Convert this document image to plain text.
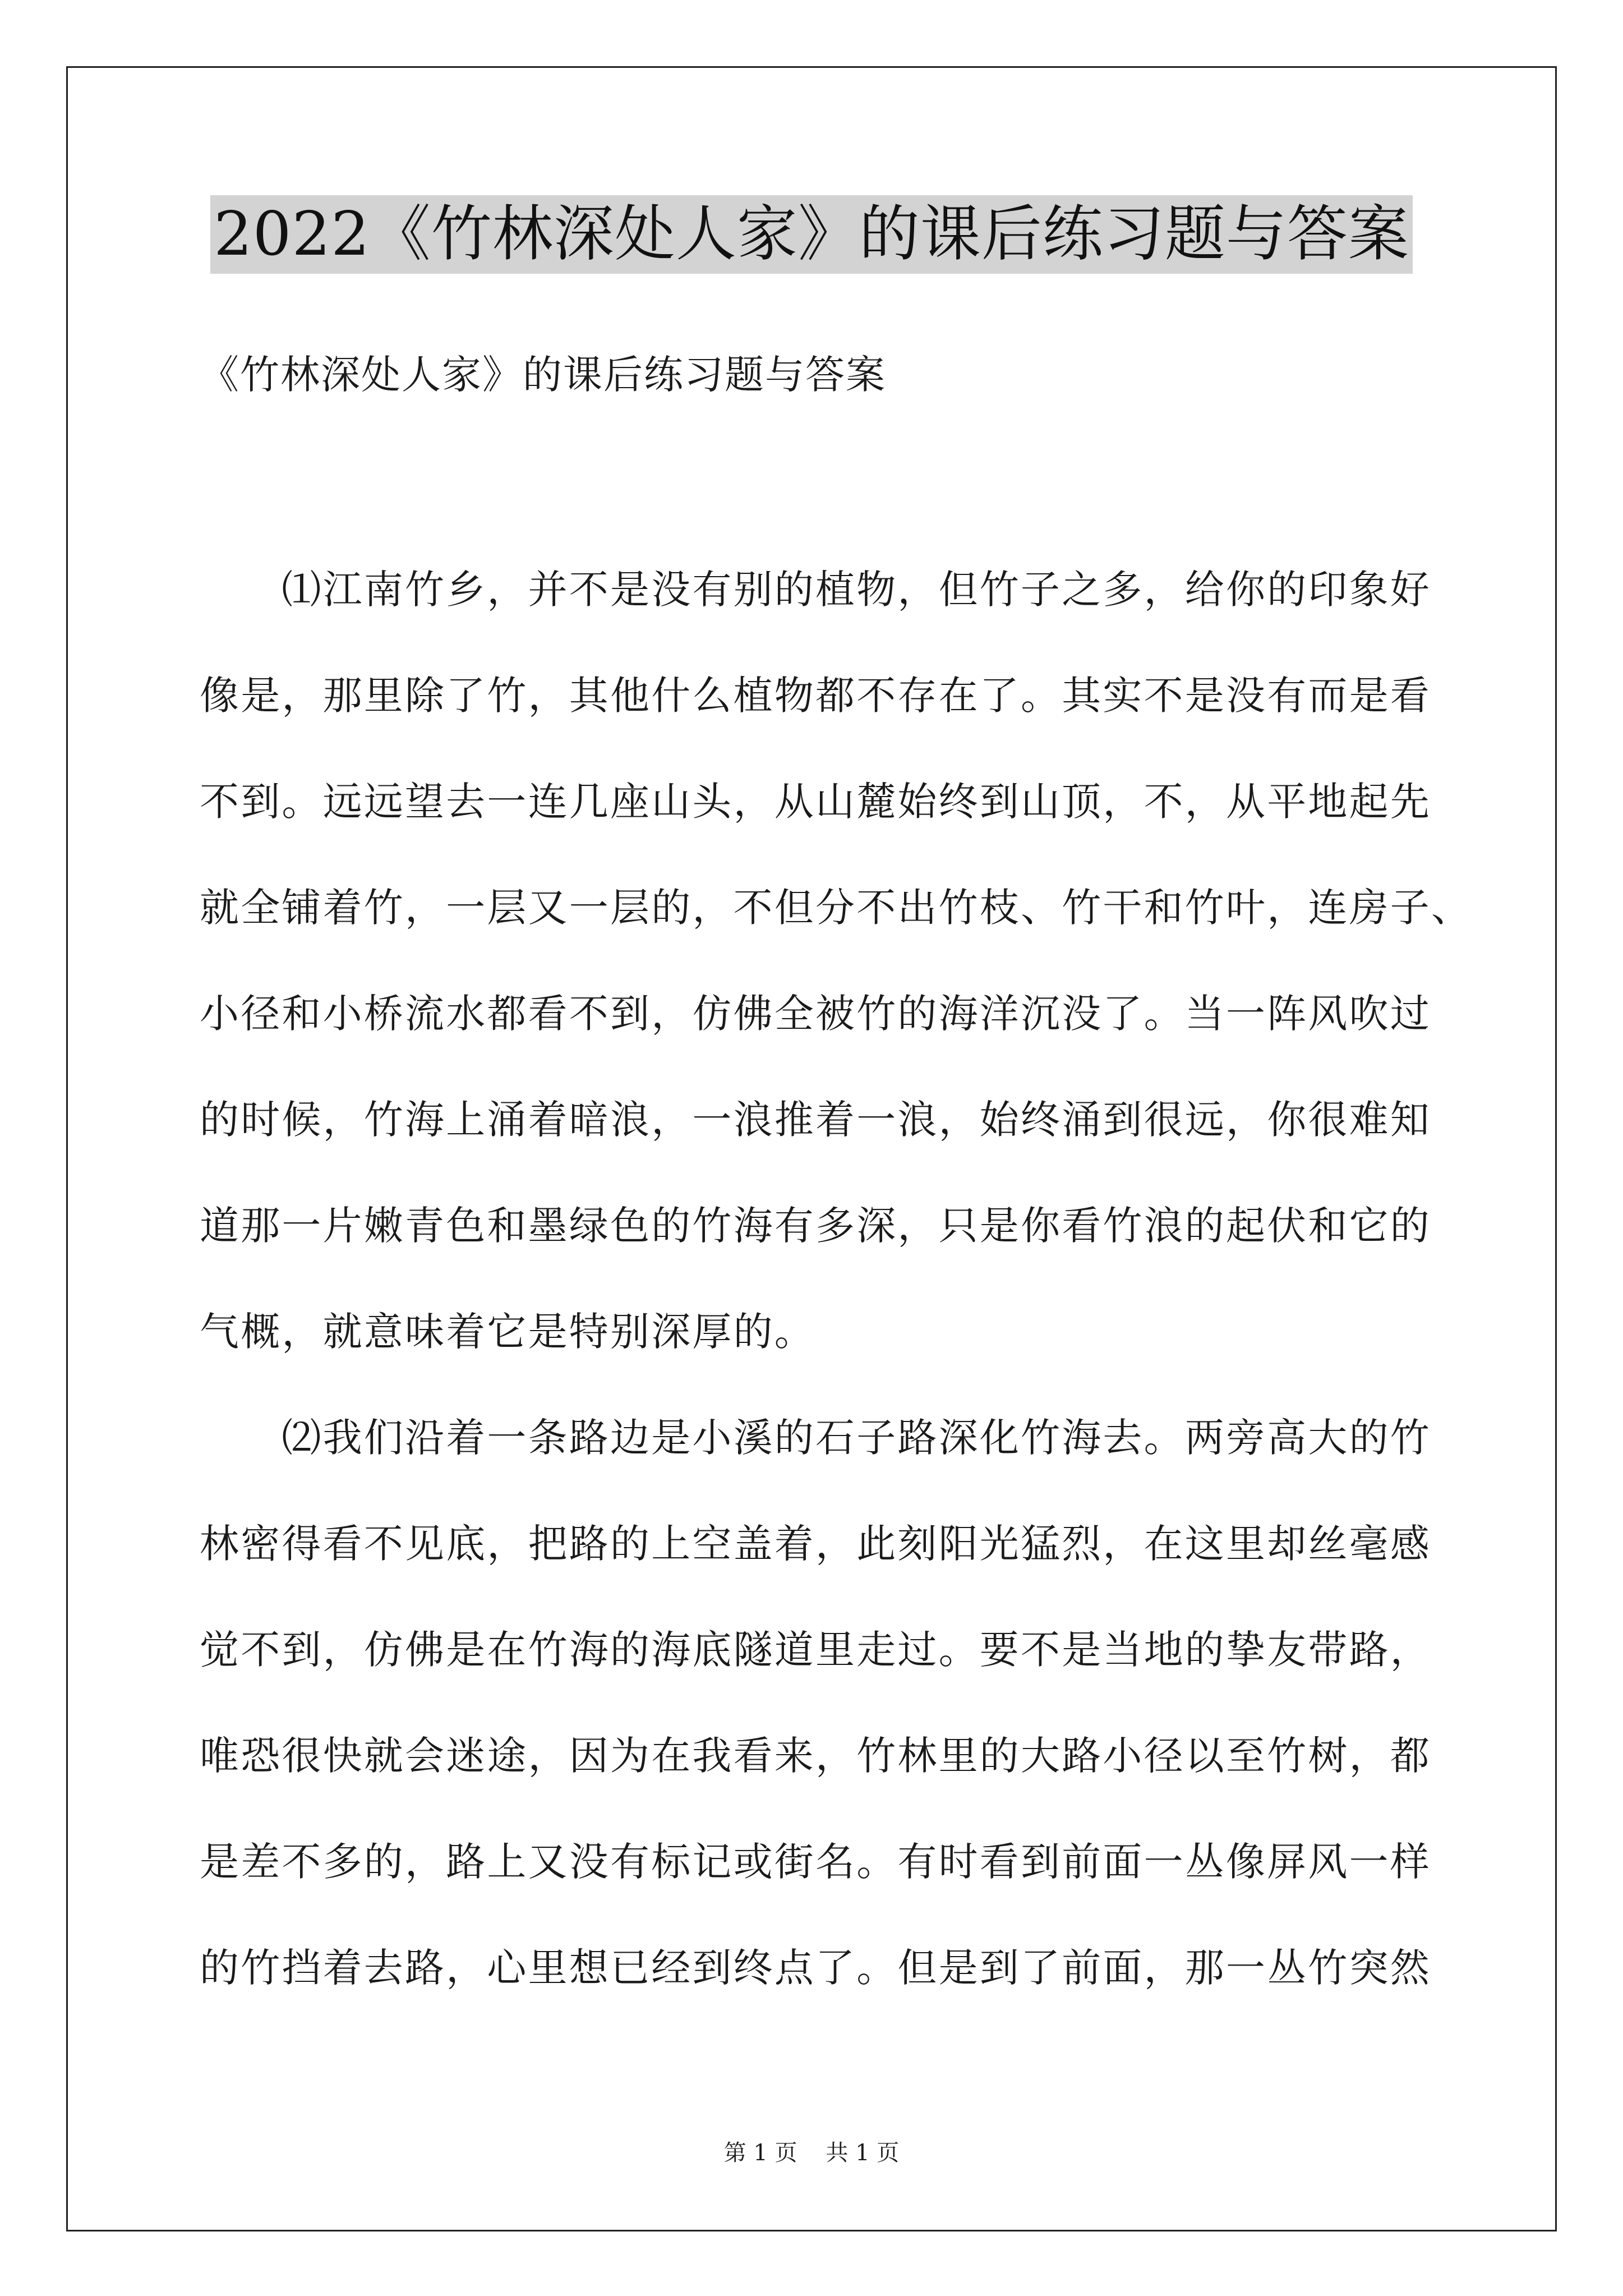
2022《竹林深处人家》的课后练习题与答案
《竹林深处人家》的课后练习题与答案
　　⑴江南竹乡，并不是没有别的植物，但竹子之多，给你的印象好
像是，那里除了竹，其他什么植物都不存在了。其实不是没有而是看
不到。远远望去一连几座山头，从山麓始终到山顶，不，从平地起先
就全铺着竹，一层又一层的，不但分不出竹枝、竹干和竹叶，连房子、
小径和小桥流水都看不到，仿佛全被竹的海洋沉没了。当一阵风吹过
的时候，竹海上涌着暗浪，一浪推着一浪，始终涌到很远，你很难知
道那一片嫩青色和墨绿色的竹海有多深，只是你看竹浪的起伏和它的
气概，就意味着它是特别深厚的。
　　⑵我们沿着一条路边是小溪的石子路深化竹海去。两旁高大的竹
林密得看不见底，把路的上空盖着，此刻阳光猛烈，在这里却丝毫感
觉不到，仿佛是在竹海的海底隧道里走过。要不是当地的挚友带路，
唯恐很快就会迷途，因为在我看来，竹林里的大路小径以至竹树，都
是差不多的，路上又没有标记或街名。有时看到前面一丛像屏风一样
的竹挡着去路，心里想已经到终点了。但是到了前面，那一丛竹突然
第 1 页    共 1 页
